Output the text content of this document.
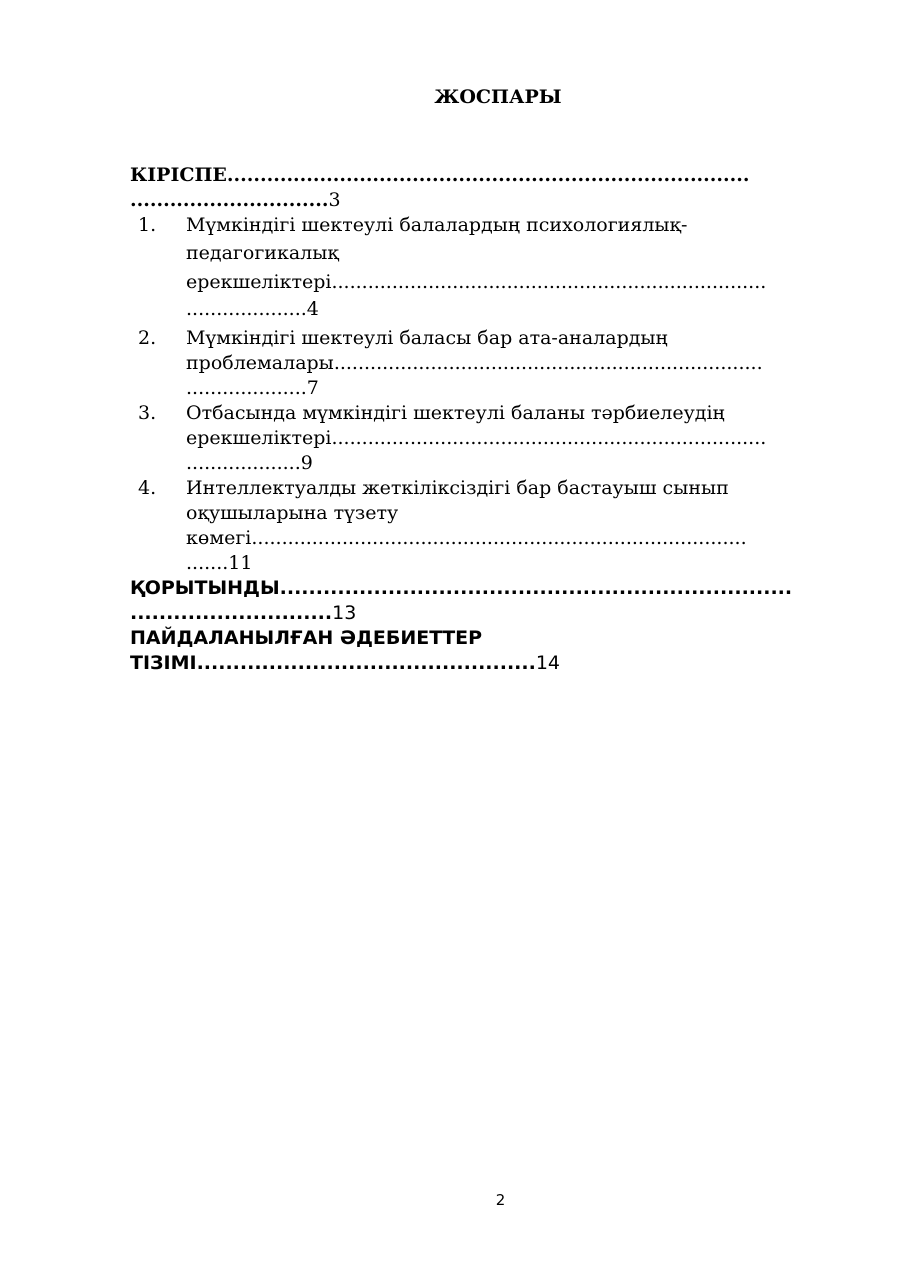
ЖОСПАРЫ
КІРІСПЕ...............................................................................
..............................3
1. Мүмкіндігі шектеулі балалардың психологиялық-
педагогикалық
ерекшеліктері........................................................................
....................4
2. Мүмкіндігі шектеулі баласы бар ата-аналардың
проблемалары.......................................................................
....................7
3. Отбасында мүмкіндігі шектеулі баланы тәрбиелеудің
ерекшеліктері........................................................................
...................9
4. Интеллектуалды жеткіліксіздігі бар бастауыш сынып
оқушыларына түзету
көмегі..................................................................................
.......11
ҚОРЫТЫНДЫ.......................................................................
............................13
ПАЙДАЛАНЫЛҒАН ӘДЕБИЕТТЕР
ТІЗІМІ...............................................14
2
